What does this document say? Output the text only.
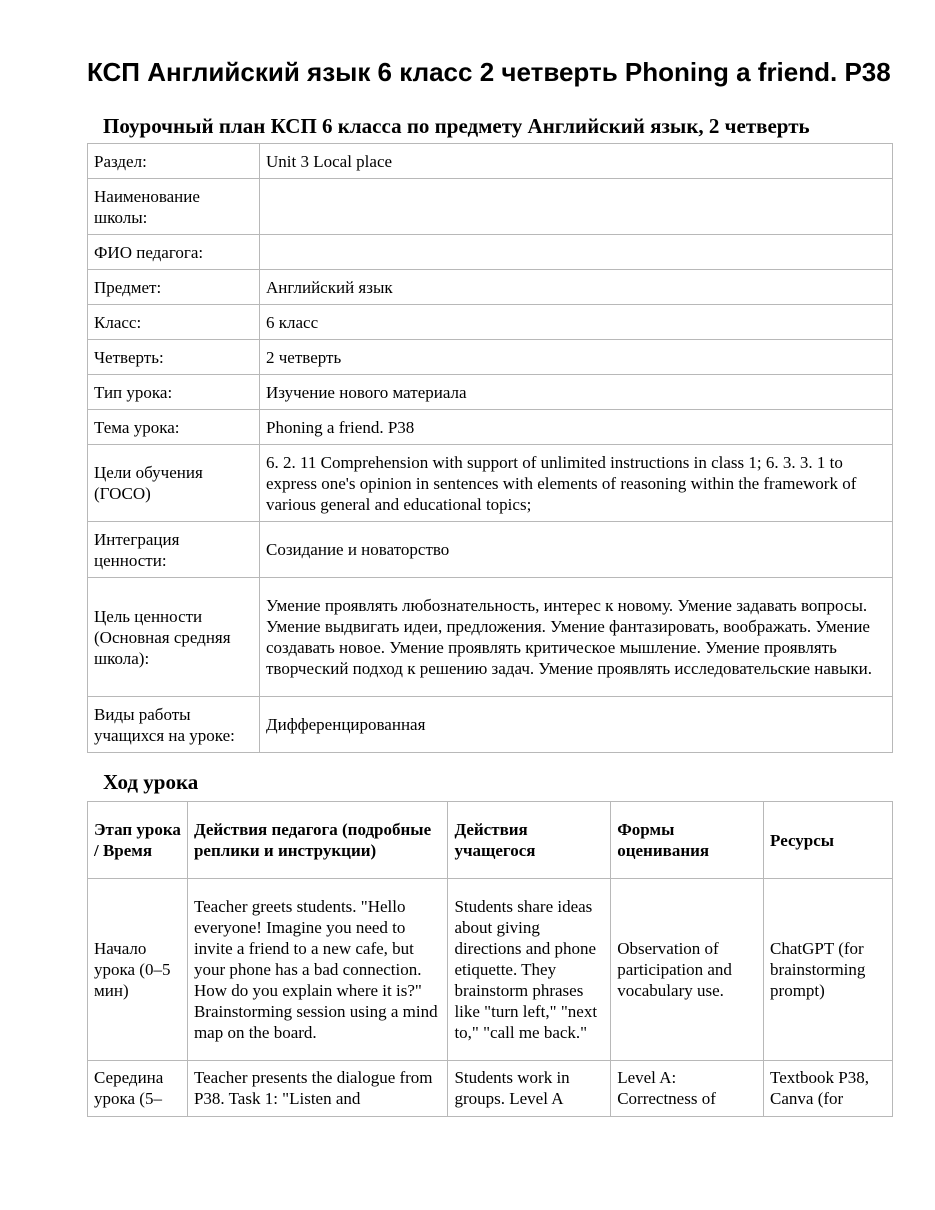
КСП Английский язык 6 класс 2 четверть Phoning a friend. P38
Поурочный план КСП 6 класса по предмету Английский язык, 2 четверть
Раздел:	Unit 3 Local place
Наименование школы:	
ФИО педагога:	
Предмет:	Английский язык
Класс:	6 класс
Четверть:	2 четверть
Тип урока:	Изучение нового материала
Тема урока:	Phoning a friend. P38
Цели обучения (ГОСО)	6. 2. 11 Comprehension with support of unlimited instructions in class 1; 6. 3. 3. 1 to express one's opinion in sentences with elements of reasoning within the framework of various general and educational topics;
Интеграция ценности:	Созидание и новаторство
Цель ценности (Основная средняя школа):	Умение проявлять любознательность, интерес к новому. Умение задавать вопросы. Умение выдвигать идеи, предложения. Умение фантазировать, воображать. Умение создавать новое. Умение проявлять критическое мышление. Умение проявлять творческий подход к решению задач. Умение проявлять исследовательские навыки.
Виды работы учащихся на уроке:	Дифференцированная
Ход урока
Этап урока / Время	Действия педагога (подробные реплики и инструкции)	Действия учащегося	Формы оценивания	Ресурсы
Начало урока (0–5 мин)	Teacher greets students. "Hello everyone! Imagine you need to invite a friend to a new cafe, but your phone has a bad connection. How do you explain where it is?" Brainstorming session using a mind map on the board.	Students share ideas about giving directions and phone etiquette. They brainstorm phrases like "turn left," "next to," "call me back."	Observation of participation and vocabulary use.	ChatGPT (for brainstorming prompt)
Середина урока (5–	Teacher presents the dialogue from P38. Task 1: "Listen and	Students work in groups. Level A	Level A: Correctness of	Textbook P38, Canva (for
